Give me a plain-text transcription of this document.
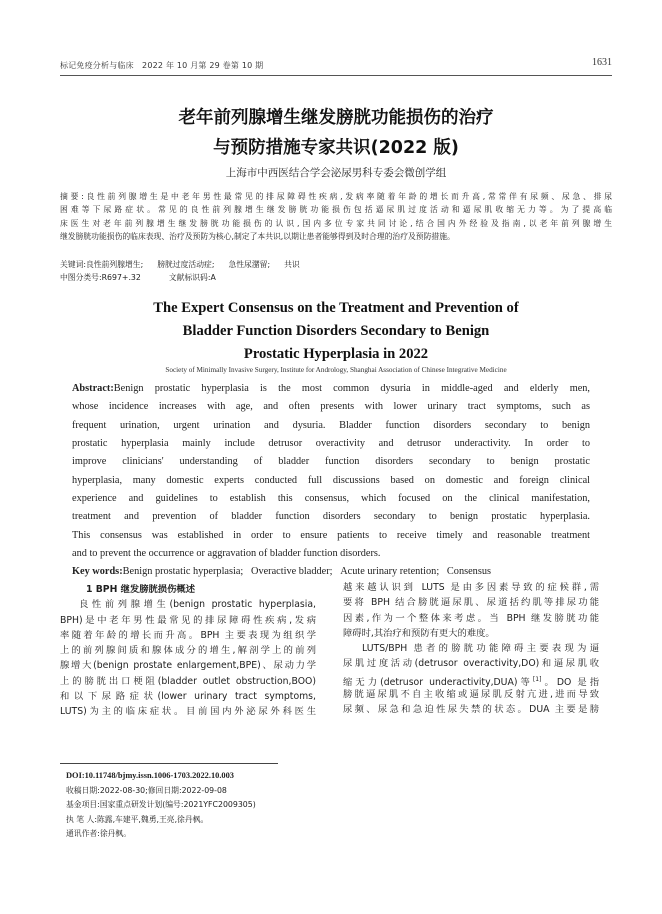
标记免疫分析与临床 2022 年 10 月第 29 卷第 10 期	1631
老年前列腺增生继发膀胱功能损伤的治疗
与预防措施专家共识(2022 版)
上海市中西医结合学会泌尿男科专委会微创学组
摘要:良性前列腺增生是中老年男性最常见的排尿障碍性疾病,发病率随着年龄的增长而升高,常常伴有尿频、尿急、排尿
困难等下尿路症状。常见的良性前列腺增生继发膀胱功能损伤包括逼尿肌过度活动和逼尿肌收缩无力等。为了提高临
床医生对老年前列腺增生继发膀胱功能损伤的认识,国内多位专家共同讨论,结合国内外经验及指南,以老年前列腺增生
继发膀胱功能损伤的临床表现、治疗及预防为核心,制定了本共识,以期让患者能够得到及时合理的治疗及预防措施。
关键词:良性前列腺增生; 膀胱过度活动症; 急性尿潴留; 共识
中图分类号:R697+.32	文献标识码:A
The Expert Consensus on the Treatment and Prevention of
Bladder Function Disorders Secondary to Benign
Prostatic Hyperplasia in 2022
Society of Minimally Invasive Surgery, Institute for Andrology, Shanghai Association of Chinese Integrative Medicine
Abstract:Benign prostatic hyperplasia is the most common dysuria in middle-aged and elderly men,
whose incidence increases with age, and often presents with lower urinary tract symptoms, such as
frequent urination, urgent urination and dysuria. Bladder function disorders secondary to benign
prostatic hyperplasia mainly include detrusor overactivity and detrusor underactivity. In order to
improve clinicians' understanding of bladder function disorders secondary to benign prostatic
hyperplasia, many domestic experts conducted full discussions based on domestic and foreign clinical
experience and guidelines to establish this consensus, which focused on the clinical manifestation,
treatment and prevention of bladder function disorders secondary to benign prostatic hyperplasia.
This consensus was established in order to ensure patients to receive timely and reasonable treatment
and to prevent the occurrence or aggravation of bladder function disorders.
Key words:Benign prostatic hyperplasia; Overactive bladder; Acute urinary retention; Consensus
1 BPH 继发膀胱损伤概述
良性前列腺增生(benign prostatic hyperplasia,
BPH)是中老年男性最常见的排尿障碍性疾病,发病
率随着年龄的增长而升高。BPH 主要表现为组织学
上的前列腺间质和腺体成分的增生,解剖学上的前列
腺增大(benign prostate enlargement,BPE)、尿动力学
上的膀胱出口梗阻(bladder outlet obstruction,BOO)
和以下尿路症状(lower urinary tract symptoms,
LUTS)为主的临床症状。目前国内外泌尿外科医生
越来越认识到 LUTS 是由多因素导致的症候群,需
要将 BPH 结合膀胱逼尿肌、尿道括约肌等排尿功能
因素,作为一个整体来考虑。当 BPH 继发膀胱功能
障碍时,其治疗和预防有更大的难度。
LUTS/BPH 患者的膀胱功能障碍主要表现为逼
尿肌过度活动(detrusor overactivity,DO)和逼尿肌收
缩无力(detrusor underactivity,DUA)等[1]。DO 是指
膀胱逼尿肌不自主收缩或逼尿肌反射亢进,进而导致
尿频、尿急和急迫性尿失禁的状态。DUA 主要是膀
DOI:10.11748/bjmy.issn.1006-1703.2022.10.003
收稿日期:2022-08-30;修回日期:2022-09-08
基金项目:国家重点研发计划(编号:2021YFC2009305)
执 笔 人:陈露,车建平,魏勇,王亮,徐丹枫。
通讯作者:徐丹枫。
